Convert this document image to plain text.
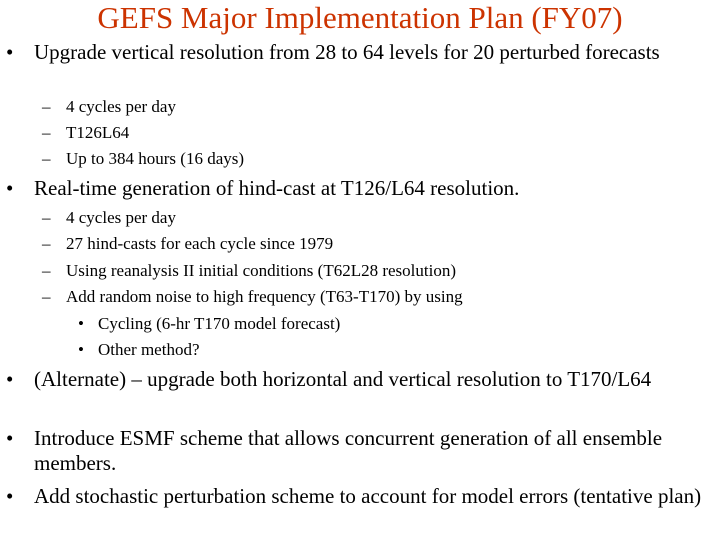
GEFS Major Implementation Plan (FY07)
• Upgrade vertical resolution from 28 to 64 levels for 20 perturbed forecasts
– 4 cycles per day
– T126L64
– Up to 384 hours (16 days)
• Real-time generation of hind-cast at T126/L64 resolution.
– 4 cycles per day
– 27 hind-casts for each cycle since 1979
– Using reanalysis II initial conditions (T62L28 resolution)
– Add random noise to high frequency (T63-T170) by using
• Cycling (6-hr T170 model forecast)
• Other method?
• (Alternate) – upgrade both horizontal and vertical resolution to T170/L64
• Introduce ESMF scheme that allows concurrent generation of all ensemble members.
• Add stochastic perturbation scheme to account for model errors (tentative plan)
